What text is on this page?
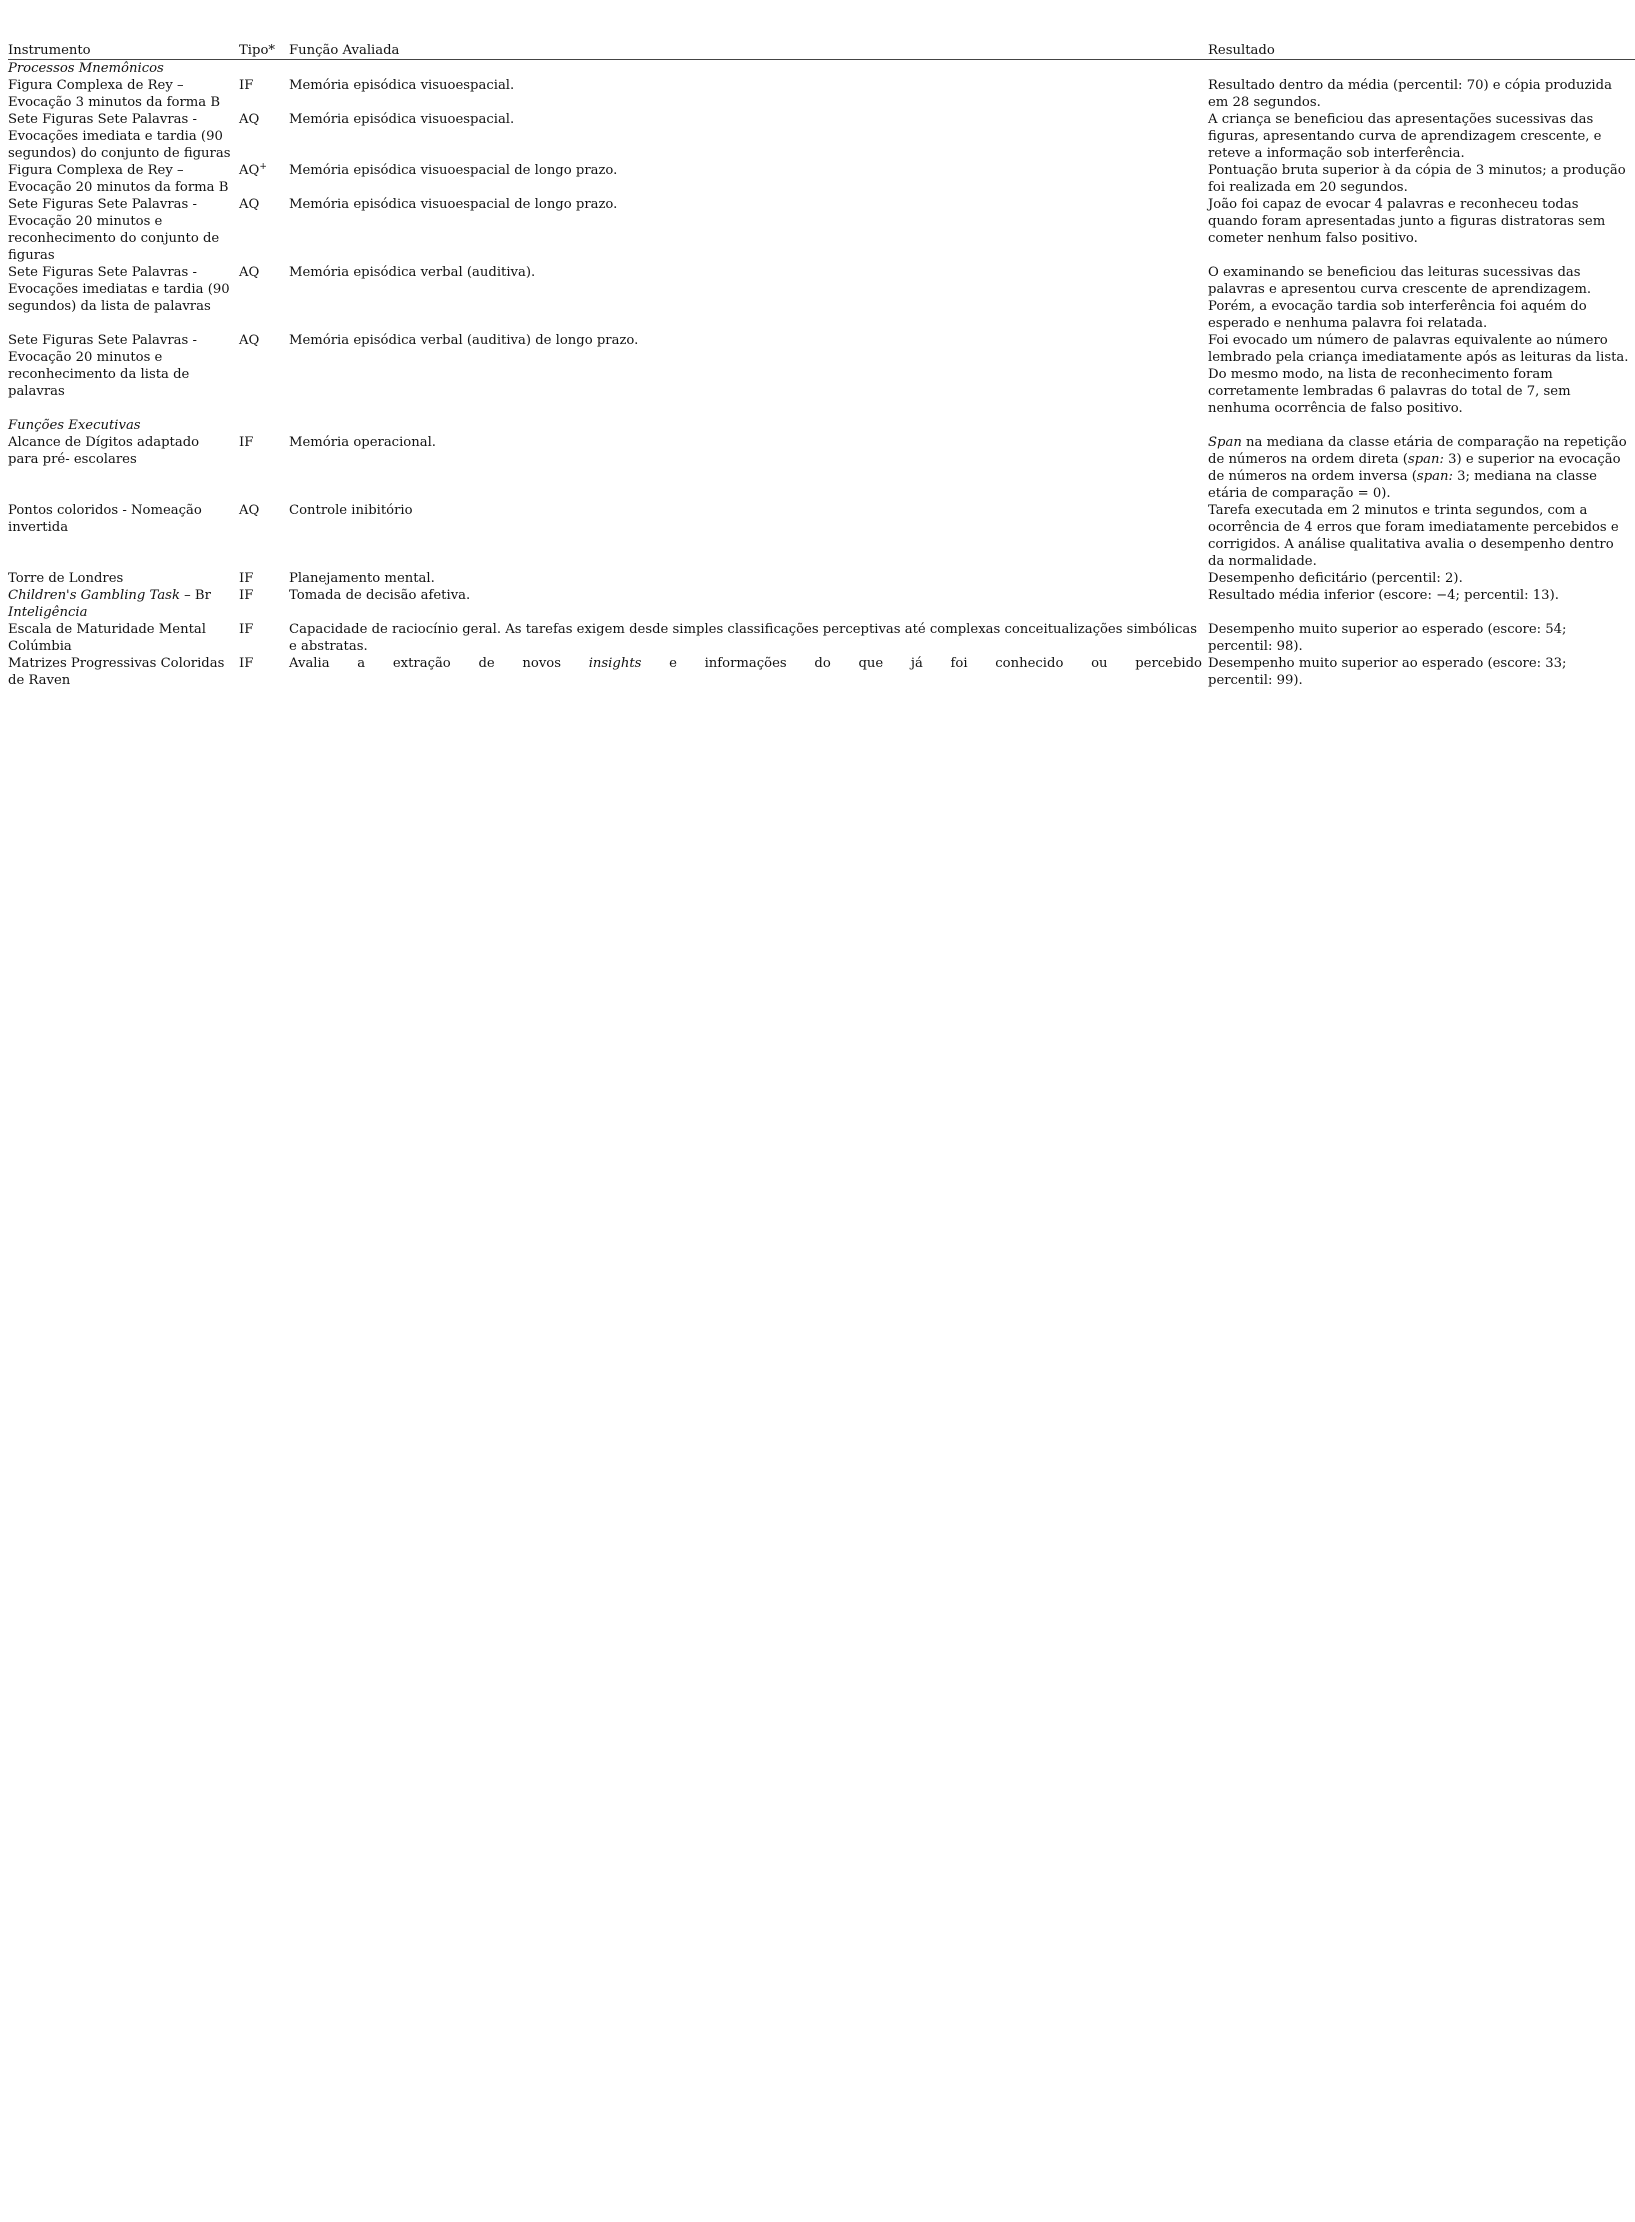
Instrumento	Tipo*	Função Avaliada	Resultado
Processos Mnemônicos			
Figura Complexa de Rey – Evocação 3 minutos da forma B	IF	Memória episódica visuoespacial.	Resultado dentro da média (percentil: 70) e cópia produzida em 28 segundos.
Sete Figuras Sete Palavras - Evocações imediata e tardia (90 segundos) do conjunto de figuras	AQ	Memória episódica visuoespacial.	A criança se beneficiou das apresentações sucessivas das figuras, apresentando curva de aprendizagem crescente, e reteve a informação sob interferência.
Figura Complexa de Rey – Evocação 20 minutos da forma B	AQ+	Memória episódica visuoespacial de longo prazo.	Pontuação bruta superior à da cópia de 3 minutos; a produção foi realizada em 20 segundos.
Sete Figuras Sete Palavras - Evocação 20 minutos e reconhecimento do conjunto de figuras	AQ	Memória episódica visuoespacial de longo prazo.	João foi capaz de evocar 4 palavras e reconheceu todas quando foram apresentadas junto a figuras distratoras sem cometer nenhum falso positivo.
Sete Figuras Sete Palavras - Evocações imediatas e tardia (90 segundos) da lista de palavras	AQ	Memória episódica verbal (auditiva).	O examinando se beneficiou das leituras sucessivas das palavras e apresentou curva crescente de aprendizagem. Porém, a evocação tardia sob interferência foi aquém do esperado e nenhuma palavra foi relatada.
Sete Figuras Sete Palavras - Evocação 20 minutos e reconhecimento da lista de palavras	AQ	Memória episódica verbal (auditiva) de longo prazo.	Foi evocado um número de palavras equivalente ao número lembrado pela criança imediatamente após as leituras da lista. Do mesmo modo, na lista de reconhecimento foram corretamente lembradas 6 palavras do total de 7, sem nenhuma ocorrência de falso positivo.
Funções Executivas			
Alcance de Dígitos adaptado para pré- escolares	IF	Memória operacional.	Span na mediana da classe etária de comparação na repetição de números na ordem direta (span: 3) e superior na evocação de números na ordem inversa (span: 3; mediana na classe etária de comparação = 0).
Pontos coloridos - Nomeação invertida	AQ	Controle inibitório	Tarefa executada em 2 minutos e trinta segundos, com a ocorrência de 4 erros que foram imediatamente percebidos e corrigidos. A análise qualitativa avalia o desempenho dentro da normalidade.
Torre de Londres	IF	Planejamento mental.	Desempenho deficitário (percentil: 2).
Children's Gambling Task – Br	IF	Tomada de decisão afetiva.	Resultado média inferior (escore: −4; percentil: 13).
Inteligência			
Escala de Maturidade Mental Colúmbia	IF	Capacidade de raciocínio geral. As tarefas exigem desde simples classificações perceptivas até complexas conceitualizações simbólicas e abstratas.	Desempenho muito superior ao esperado (escore: 54; percentil: 98).
Matrizes Progressivas Coloridas de Raven	IF	Avalia a extração de novos insights e informações do que já foi conhecido ou percebido	Desempenho muito superior ao esperado (escore: 33; percentil: 99).
